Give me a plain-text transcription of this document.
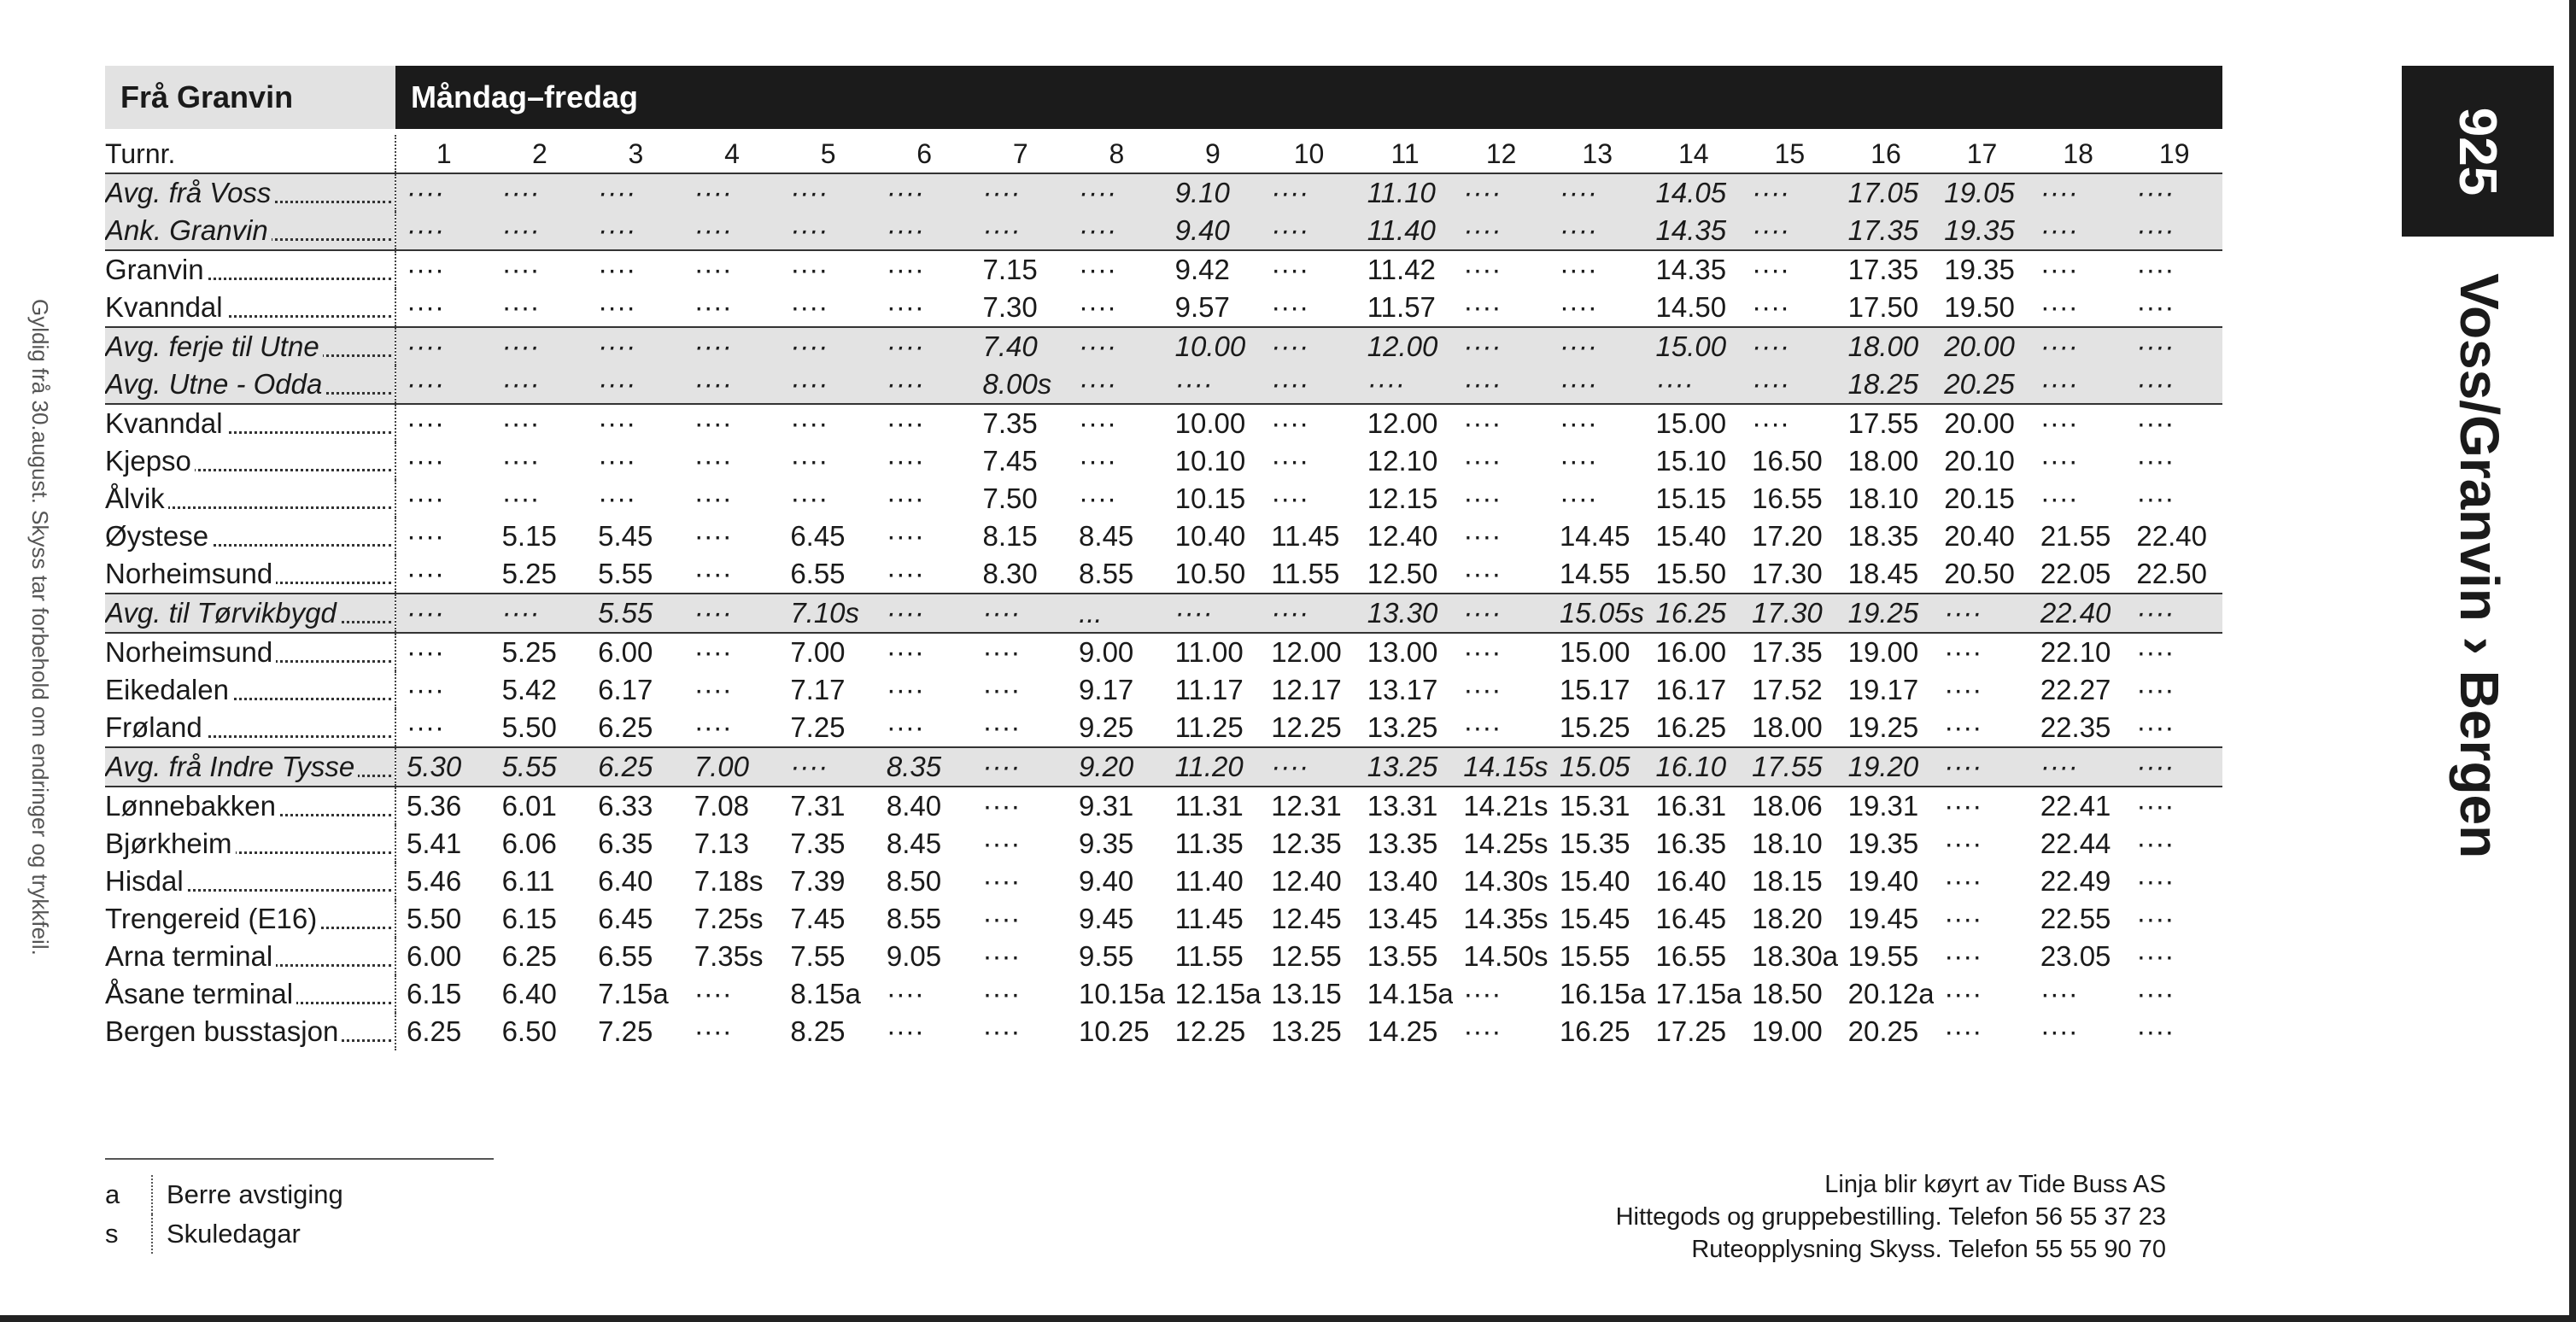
Frå Granvin	Måndag–fredag
Turnr.	1	2	3	4	5	6	7	8	9	10	11	12	13	14	15	16	17	18	19

Avg. frå Voss	····	····	····	····	····	····	····	····	9.10	····	11.10	····	····	14.05	····	17.05	19.05	····	····

Ank. Granvin	····	····	····	····	····	····	····	····	9.40	····	11.40	····	····	14.35	····	17.35	19.35	····	····

Granvin	····	····	····	····	····	····	7.15	····	9.42	····	11.42	····	····	14.35	····	17.35	19.35	····	····

Kvanndal	····	····	····	····	····	····	7.30	····	9.57	····	11.57	····	····	14.50	····	17.50	19.50	····	····

Avg. ferje til Utne	····	····	····	····	····	····	7.40	····	10.00	····	12.00	····	····	15.00	····	18.00	20.00	····	····

Avg. Utne - Odda	····	····	····	····	····	····	8.00s	····	····	····	····	····	····	····	····	18.25	20.25	····	····

Kvanndal	····	····	····	····	····	····	7.35	····	10.00	····	12.00	····	····	15.00	····	17.55	20.00	····	····

Kjepso	····	····	····	····	····	····	7.45	····	10.10	····	12.10	····	····	15.10	16.50	18.00	20.10	····	····

Ålvik	····	····	····	····	····	····	7.50	····	10.15	····	12.15	····	····	15.15	16.55	18.10	20.15	····	····

Øystese	····	5.15	5.45	····	6.45	····	8.15	8.45	10.40	11.45	12.40	····	14.45	15.40	17.20	18.35	20.40	21.55	22.40

Norheimsund	····	5.25	5.55	····	6.55	····	8.30	8.55	10.50	11.55	12.50	····	14.55	15.50	17.30	18.45	20.50	22.05	22.50

Avg. til Tørvikbygd	····	····	5.55	····	7.10s	····	····	...	····	····	13.30	····	15.05s	16.25	17.30	19.25	····	22.40	····

Norheimsund	····	5.25	6.00	····	7.00	····	····	9.00	11.00	12.00	13.00	····	15.00	16.00	17.35	19.00	····	22.10	····

Eikedalen	····	5.42	6.17	····	7.17	····	····	9.17	11.17	12.17	13.17	····	15.17	16.17	17.52	19.17	····	22.27	····

Frøland	····	5.50	6.25	····	7.25	····	····	9.25	11.25	12.25	13.25	····	15.25	16.25	18.00	19.25	····	22.35	····

Avg. frå Indre Tysse	5.30	5.55	6.25	7.00	····	8.35	····	9.20	11.20	····	13.25	14.15s	15.05	16.10	17.55	19.20	····	····	····

Lønnebakken	5.36	6.01	6.33	7.08	7.31	8.40	····	9.31	11.31	12.31	13.31	14.21s	15.31	16.31	18.06	19.31	····	22.41	····

Bjørkheim	5.41	6.06	6.35	7.13	7.35	8.45	····	9.35	11.35	12.35	13.35	14.25s	15.35	16.35	18.10	19.35	····	22.44	····

Hisdal	5.46	6.11	6.40	7.18s	7.39	8.50	····	9.40	11.40	12.40	13.40	14.30s	15.40	16.40	18.15	19.40	····	22.49	····

Trengereid (E16)	5.50	6.15	6.45	7.25s	7.45	8.55	····	9.45	11.45	12.45	13.45	14.35s	15.45	16.45	18.20	19.45	····	22.55	····

Arna terminal	6.00	6.25	6.55	7.35s	7.55	9.05	····	9.55	11.55	12.55	13.55	14.50s	15.55	16.55	18.30a	19.55	····	23.05	····

Åsane terminal	6.15	6.40	7.15a	····	8.15a	····	····	10.15a	12.15a	13.15	14.15a	····	16.15a	17.15a	18.50	20.12a	····	····	····

Bergen busstasjon	6.25	6.50	7.25	····	8.25	····	····	10.25	12.25	13.25	14.25	····	16.25	17.25	19.00	20.25	····	····	····
Gyldig frå 30.august. Skyss tar forbehold om endringer og trykkfeil.
925
Voss/Granvin › Bergen
a	Berre avstiging
s	Skuledagar
Linja blir køyrt av Tide Buss AS
Hittegods og gruppebestilling. Telefon 56 55 37 23
Ruteopplysning Skyss. Telefon 55 55 90 70
